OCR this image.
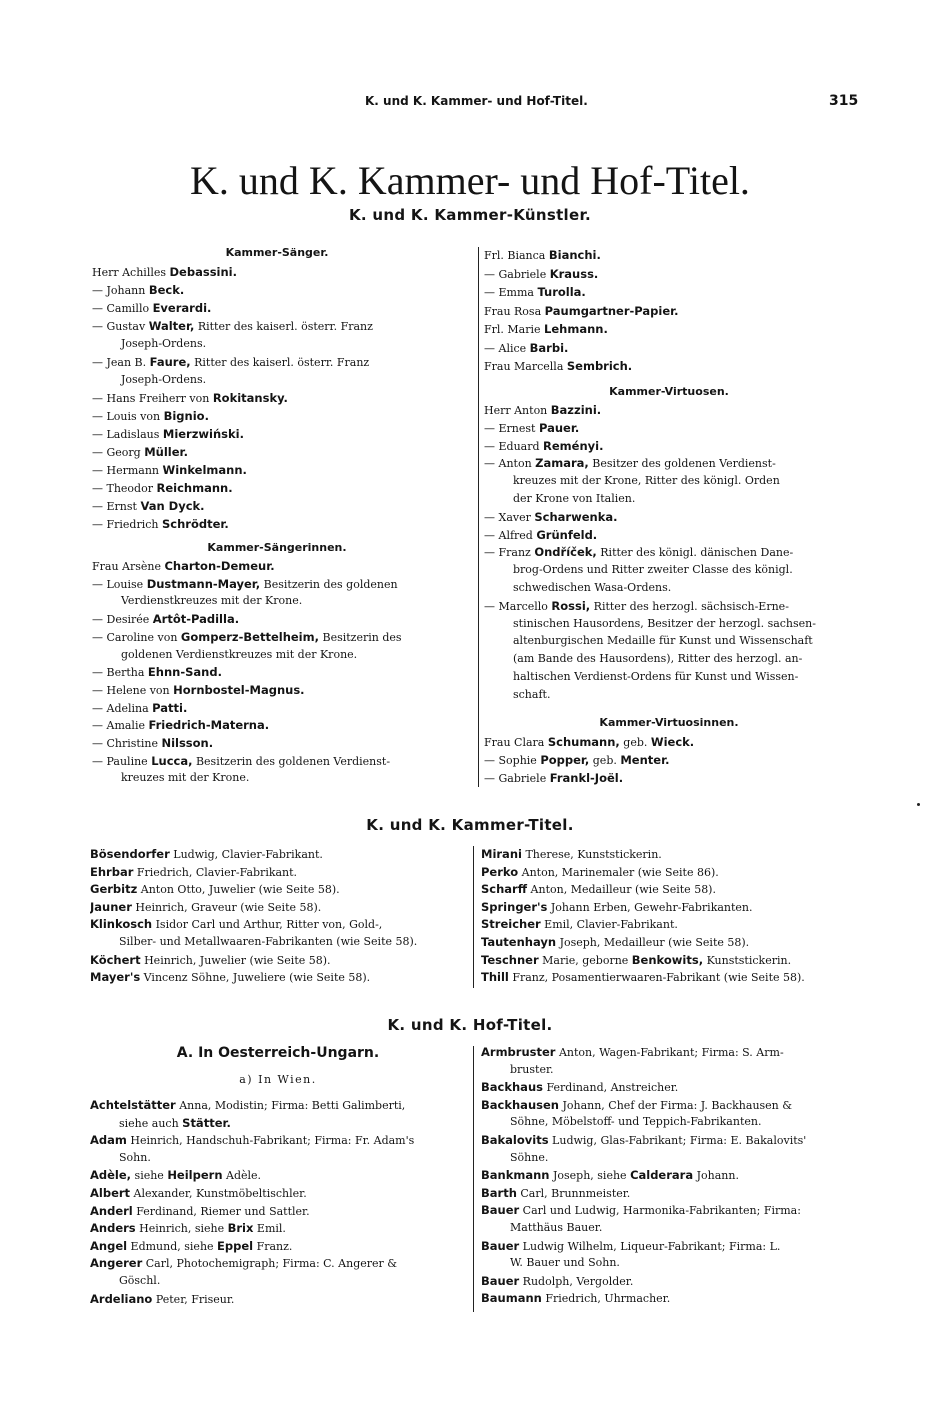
K. und K. Kammer- und Hof-Titel.	315
K. und K. Kammer- und Hof-Titel.
K. und K. Kammer-Künstler.
Kammer-Sänger.
Herr Achilles Debassini.
— Johann Beck.
— Camillo Everardi.
— Gustav Walter, Ritter des kaiserl. österr. Franz
Joseph-Ordens.
— Jean B. Faure, Ritter des kaiserl. österr. Franz
Joseph-Ordens.
— Hans Freiherr von Rokitansky.
— Louis von Bignio.
— Ladislaus Mierzwiński.
— Georg Müller.
— Hermann Winkelmann.
— Theodor Reichmann.
— Ernst Van Dyck.
— Friedrich Schrödter.
Kammer-Sängerinnen.
Frau Arsène Charton-Demeur.
— Louise Dustmann-Mayer, Besitzerin des goldenen
Verdienstkreuzes mit der Krone.
— Desirée Artôt-Padilla.
— Caroline von Gomperz-Bettelheim, Besitzerin des
goldenen Verdienstkreuzes mit der Krone.
— Bertha Ehnn-Sand.
— Helene von Hornbostel-Magnus.
— Adelina Patti.
— Amalie Friedrich-Materna.
— Christine Nilsson.
— Pauline Lucca, Besitzerin des goldenen Verdienst-
kreuzes mit der Krone.
Frl. Bianca Bianchi.
— Gabriele Krauss.
— Emma Turolla.
Frau Rosa Paumgartner-Papier.
Frl. Marie Lehmann.
— Alice Barbi.
Frau Marcella Sembrich.
Kammer-Virtuosen.
Herr Anton Bazzini.
— Ernest Pauer.
— Eduard Reményi.
— Anton Zamara, Besitzer des goldenen Verdienst-
kreuzes mit der Krone, Ritter des königl. Orden
der Krone von Italien.
— Xaver Scharwenka.
— Alfred Grünfeld.
— Franz Ondříček, Ritter des königl. dänischen Dane-
brog-Ordens und Ritter zweiter Classe des königl.
schwedischen Wasa-Ordens.
— Marcello Rossi, Ritter des herzogl. sächsisch-Erne-
stinischen Hausordens, Besitzer der herzogl. sachsen-
altenburgischen Medaille für Kunst und Wissenschaft
(am Bande des Hausordens), Ritter des herzogl. an-
haltischen Verdienst-Ordens für Kunst und Wissen-
schaft.
Kammer-Virtuosinnen.
Frau Clara Schumann, geb. Wieck.
— Sophie Popper, geb. Menter.
— Gabriele Frankl-Joël.
K. und K. Kammer-Titel.
Bösendorfer Ludwig, Clavier-Fabrikant.
Ehrbar Friedrich, Clavier-Fabrikant.
Gerbitz Anton Otto, Juwelier (wie Seite 58).
Jauner Heinrich, Graveur (wie Seite 58).
Klinkosch Isidor Carl und Arthur, Ritter von, Gold-,
Silber- und Metallwaaren-Fabrikanten (wie Seite 58).
Köchert Heinrich, Juwelier (wie Seite 58).
Mayer's Vincenz Söhne, Juweliere (wie Seite 58).
Mirani Therese, Kunststickerin.
Perko Anton, Marinemaler (wie Seite 86).
Scharff Anton, Medailleur (wie Seite 58).
Springer's Johann Erben, Gewehr-Fabrikanten.
Streicher Emil, Clavier-Fabrikant.
Tautenhayn Joseph, Medailleur (wie Seite 58).
Teschner Marie, geborne Benkowits, Kunststickerin.
Thill Franz, Posamentierwaaren-Fabrikant (wie Seite 58).
K. und K. Hof-Titel.
A. In Oesterreich-Ungarn.
a) In Wien.
Achtelstätter Anna, Modistin; Firma: Betti Galimberti,
siehe auch Stätter.
Adam Heinrich, Handschuh-Fabrikant; Firma: Fr. Adam's
Sohn.
Adèle, siehe Heilpern Adèle.
Albert Alexander, Kunstmöbeltischler.
Anderl Ferdinand, Riemer und Sattler.
Anders Heinrich, siehe Brix Emil.
Angel Edmund, siehe Eppel Franz.
Angerer Carl, Photochemigraph; Firma: C. Angerer &
Göschl.
Ardeliano Peter, Friseur.
Armbruster Anton, Wagen-Fabrikant; Firma: S. Arm-
bruster.
Backhaus Ferdinand, Anstreicher.
Backhausen Johann, Chef der Firma: J. Backhausen &
Söhne, Möbelstoff- und Teppich-Fabrikanten.
Bakalovits Ludwig, Glas-Fabrikant; Firma: E. Bakalovits'
Söhne.
Bankmann Joseph, siehe Calderara Johann.
Barth Carl, Brunnmeister.
Bauer Carl und Ludwig, Harmonika-Fabrikanten; Firma:
Matthäus Bauer.
Bauer Ludwig Wilhelm, Liqueur-Fabrikant; Firma: L.
W. Bauer und Sohn.
Bauer Rudolph, Vergolder.
Baumann Friedrich, Uhrmacher.
